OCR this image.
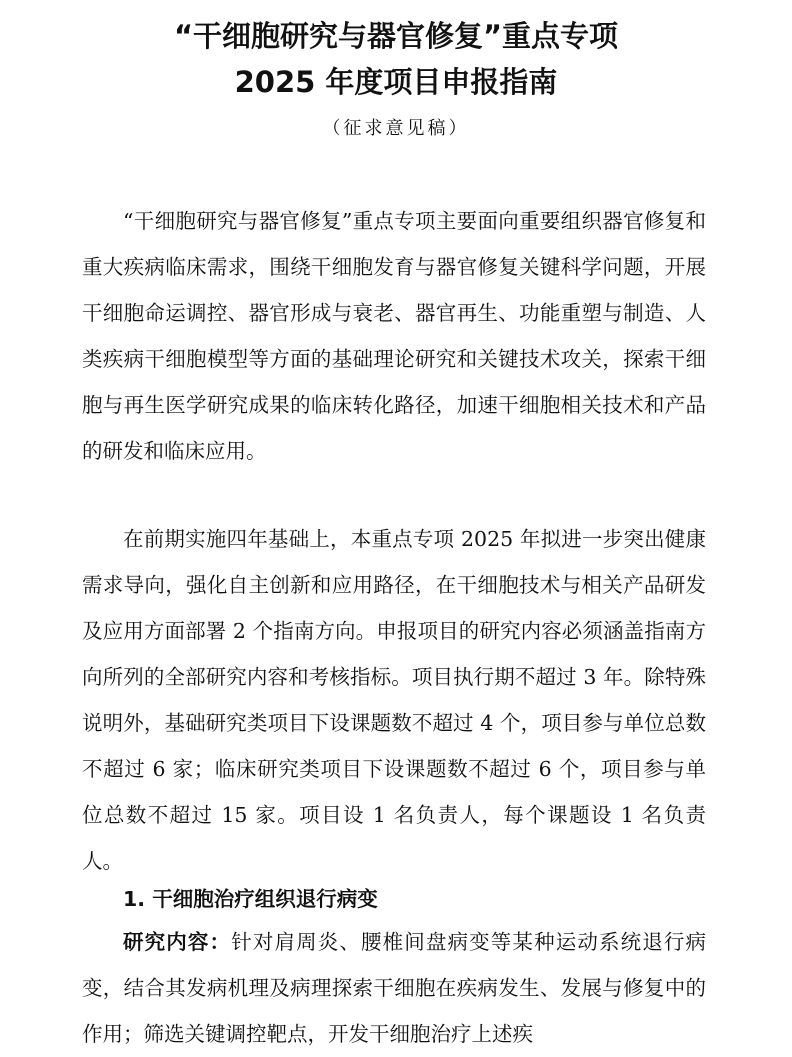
“干细胞研究与器官修复”重点专项
2025 年度项目申报指南
（征求意见稿）

“干细胞研究与器官修复”重点专项主要面向重要组织器官修复和重大疾病临床需求，围绕干细胞发育与器官修复关键科学问题，开展干细胞命运调控、器官形成与衰老、器官再生、功能重塑与制造、人类疾病干细胞模型等方面的基础理论研究和关键技术攻关，探索干细胞与再生医学研究成果的临床转化路径，加速干细胞相关技术和产品的研发和临床应用。

在前期实施四年基础上，本重点专项 2025 年拟进一步突出健康需求导向，强化自主创新和应用路径，在干细胞技术与相关产品研发及应用方面部署 2 个指南方向。申报项目的研究内容必须涵盖指南方向所列的全部研究内容和考核指标。项目执行期不超过 3 年。除特殊说明外，基础研究类项目下设课题数不超过 4 个，项目参与单位总数不超过 6 家；临床研究类项目下设课题数不超过 6 个，项目参与单位总数不超过 15 家。项目设 1 名负责人，每个课题设 1 名负责人。

1. 干细胞治疗组织退行病变

研究内容：针对肩周炎、腰椎间盘病变等某种运动系统退行病变，结合其发病机理及病理探索干细胞在疾病发生、发展与修复中的作用；筛选关键调控靶点，开发干细胞治疗上述疾
